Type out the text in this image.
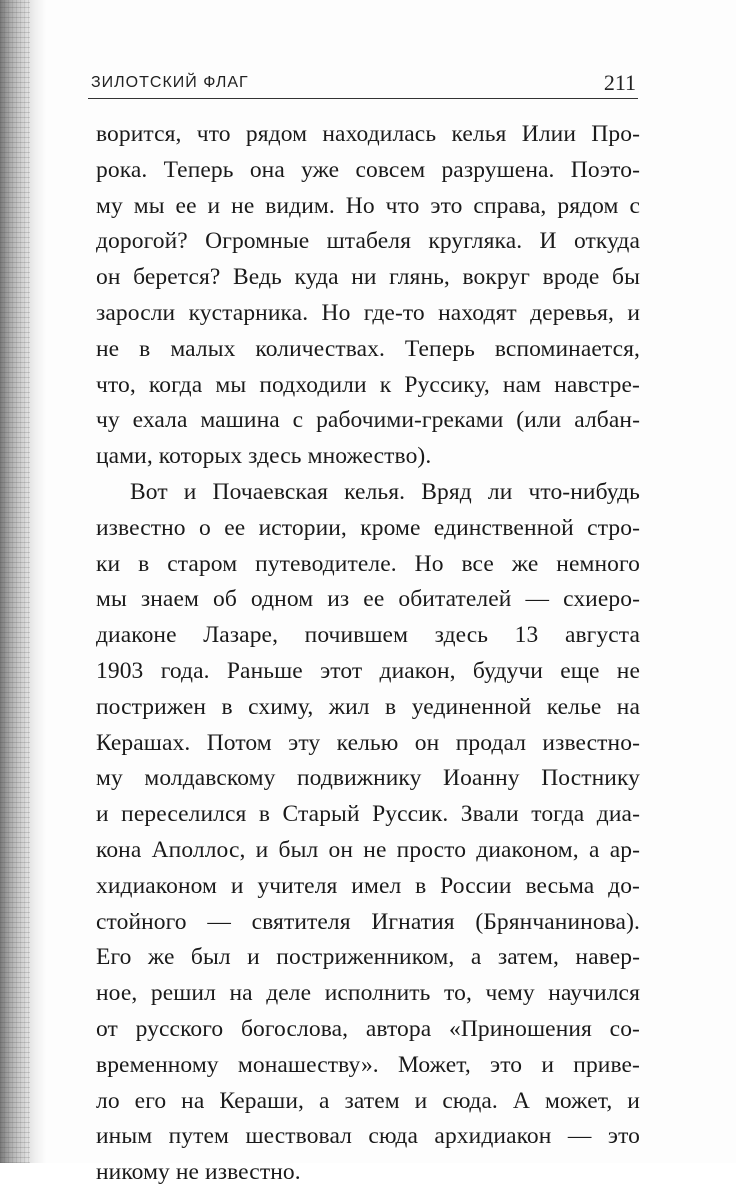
ЗИЛОТСКИЙ ФЛАГ	211
ворится, что рядом находилась келья Илии Про-
рока. Теперь она уже совсем разрушена. Поэто-
му мы ее и не видим. Но что это справа, рядом с
дорогой? Огромные штабеля кругляка. И откуда
он берется? Ведь куда ни глянь, вокруг вроде бы
заросли кустарника. Но где-то находят деревья, и
не в малых количествах. Теперь вспоминается,
что, когда мы подходили к Руссику, нам навстре-
чу ехала машина с рабочими-греками (или албан-
цами, которых здесь множество).
Вот и Почаевская келья. Вряд ли что-нибудь
известно о ее истории, кроме единственной стро-
ки в старом путеводителе. Но все же немного
мы знаем об одном из ее обитателей — схиеро-
диаконе Лазаре, почившем здесь 13 августа
1903 года. Раньше этот диакон, будучи еще не
пострижен в схиму, жил в уединенной келье на
Керашах. Потом эту келью он продал известно-
му молдавскому подвижнику Иоанну Постнику
и переселился в Старый Руссик. Звали тогда диа-
кона Аполлос, и был он не просто диаконом, а ар-
хидиаконом и учителя имел в России весьма до-
стойного — святителя Игнатия (Брянчанинова).
Его же был и постриженником, а затем, навер-
ное, решил на деле исполнить то, чему научился
от русского богослова, автора «Приношения со-
временному монашеству». Может, это и приве-
ло его на Кераши, а затем и сюда. А может, и
иным путем шествовал сюда архидиакон — это
никому не известно.
